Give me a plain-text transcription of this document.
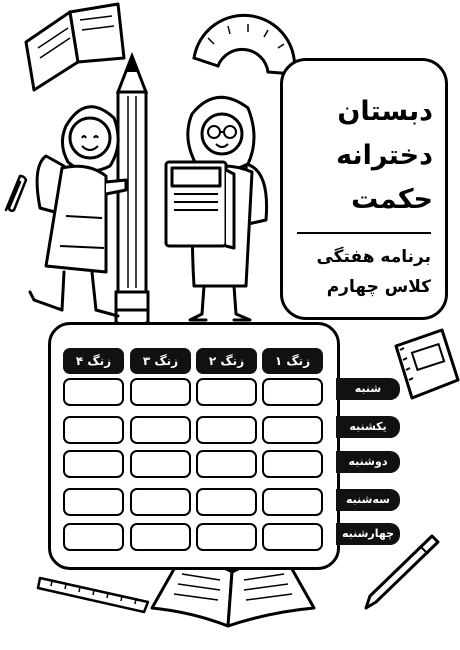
دبستان
دخترانه
حکمت
برنامه هفتگی
کلاس چهارم
زنگ ۱
زنگ ۲
زنگ ۳
زنگ ۴
شنبه
یکشنبه
دوشنبه
سه‌شنبه
چهارشنبه
